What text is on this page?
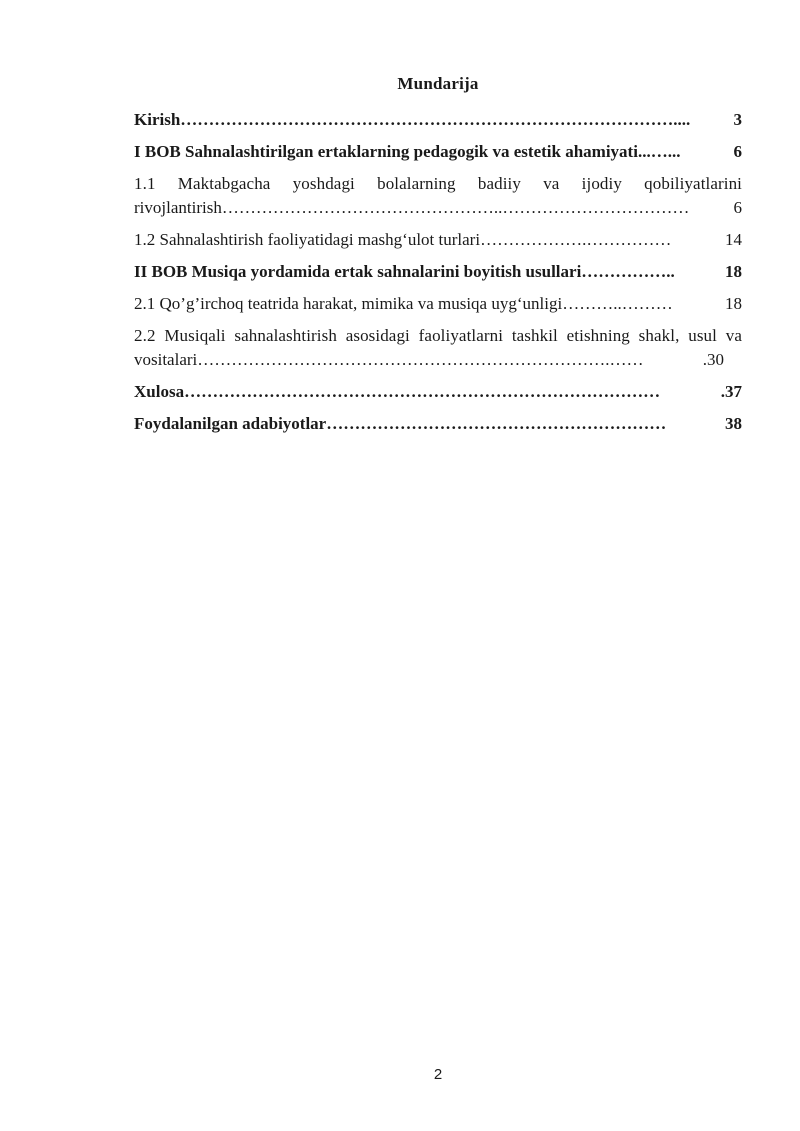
Mundarija
Kirish ……………………………………………………………………………....	3
I BOB Sahnalashtirilgan ertaklarning pedagogik va estetik ahamiyati ...…...	6
1.1 Maktabgacha yoshdagi bolalarning badiiy va ijodiy qobiliyatlarini
rivojlantirish …………………………………………..……………………………	6
1.2 Sahnalashtirish faoliyatidagi mashg‘ulot turlari ……………….……………	14
II BOB Musiqa yordamida ertak sahnalarini boyitish usullari ……………..	18
2.1 Qo’g’irchoq teatrida harakat, mimika va musiqa uyg‘unligi ………..………	18
2.2 Musiqali sahnalashtirish asosidagi faoliyatlarni tashkil etishning shakl, usul va
vositalari ……………………………………………………………….……	.30
Xulosa …………………………………………………………………………	.37
Foydalanilgan adabiyotlar ……………………………………………………	38
2
